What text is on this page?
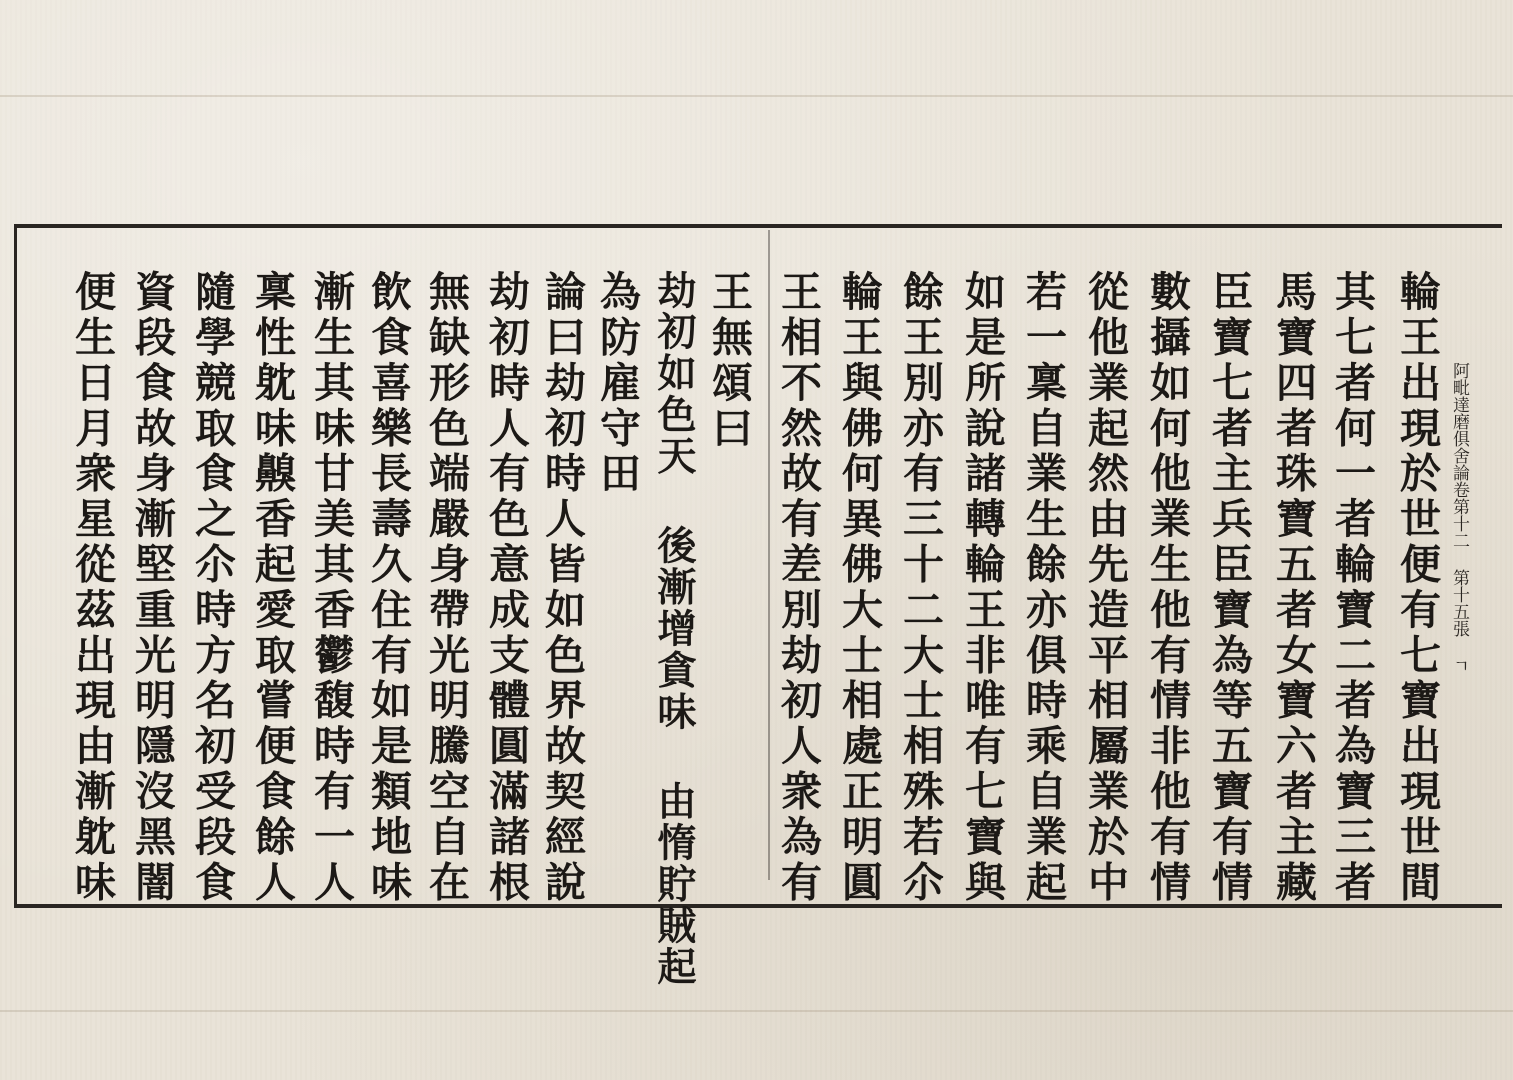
阿毗達磨俱舍論卷第十二 第十五張 ㄱ
輪王出現於世便有七寶出現世間
其七者何一者輪寶二者為寶三者
馬寶四者珠寶五者女寶六者主藏
臣寶七者主兵臣寶為等五寶有情
數攝如何他業生他有情非他有情
從他業起然由先造平相屬業於中
若一稟自業生餘亦俱時乘自業起
如是所說諸轉輪王非唯有七寶與
餘王別亦有三十二大士相殊若尒
輪王與佛何異佛大士相處正明圓
王相不然故有差別劫初人衆為有
王無頌曰
劫初如色天 後漸增貪味 由惰貯賊起
為防雇守田
論曰劫初時人皆如色界故契經說
劫初時人有色意成支體圓滿諸根
無缺形色端嚴身帶光明騰空自在
飲食喜樂長壽久住有如是類地味
漸生其味甘美其香鬱馥時有一人
稟性躭味齅香起愛取嘗便食餘人
隨學競取食之尒時方名初受段食
資段食故身漸堅重光明隱沒黑闇
便生日月衆星從茲出現由漸躭味
